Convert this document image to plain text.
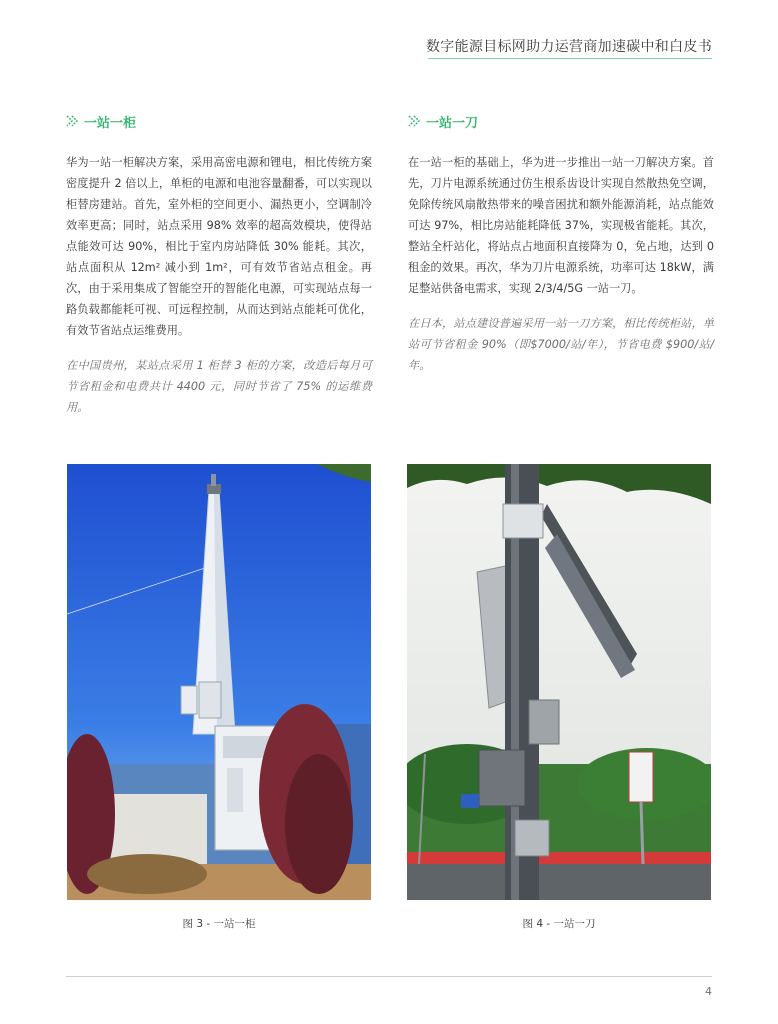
数字能源目标网助力运营商加速碳中和白皮书
一站一柜

华为一站一柜解决方案，采用高密电源和锂电，相比传统方案密度提升 2 倍以上，单柜的电源和电池容量翻番，可以实现以柜替房建站。首先，室外柜的空间更小、漏热更小，空调制冷效率更高；同时，站点采用 98% 效率的超高效模块，使得站点能效可达 90%，相比于室内房站降低 30% 能耗。其次，站点面积从 12m² 减小到 1m²，可有效节省站点租金。再次，由于采用集成了智能空开的智能化电源，可实现站点每一路负载都能耗可视、可远程控制，从而达到站点能耗可优化，有效节省站点运维费用。

在中国贵州，某站点采用 1 柜替 3 柜的方案，改造后每月可节省租金和电费共计 4400 元，同时节省了 75% 的运维费用。

一站一刀

在一站一柜的基础上，华为进一步推出一站一刀解决方案。首先，刀片电源系统通过仿生根系齿设计实现自然散热免空调，免除传统风扇散热带来的噪音困扰和额外能源消耗，站点能效可达 97%，相比房站能耗降低 37%，实现极省能耗。其次，整站全杆站化，将站点占地面积直接降为 0，免占地，达到 0 租金的效果。再次，华为刀片电源系统，功率可达 18kW，满足整站供备电需求，实现 2/3/4/5G 一站一刀。

在日本，站点建设普遍采用一站一刀方案，相比传统柜站，单站可节省租金 90%（即$7000/站/年），节省电费 $900/站/年。

图 3 - 一站一柜	图 4 - 一站一刀
4
